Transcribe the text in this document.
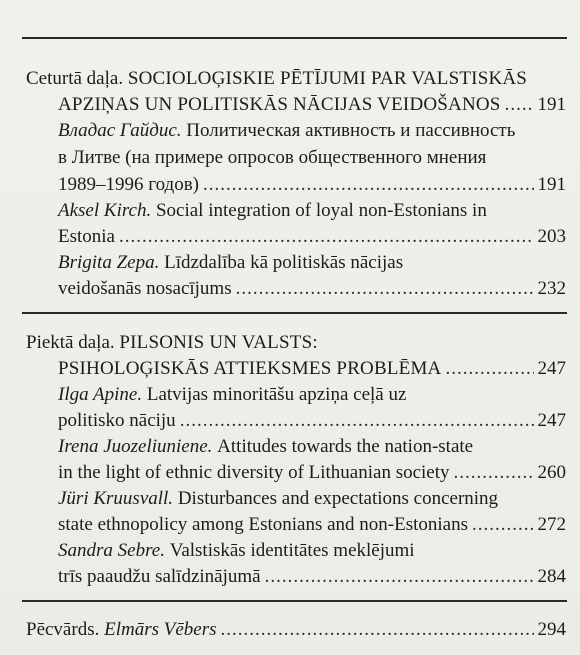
Ceturtā daļa.
SOCIOLOĢISKIE PĒTĪJUMI PAR VALSTISKĀS
APZIŅAS UN POLITISKĀS NĀCIJAS VEIDOŠANOS ..... 191
Владас Гайдис.
Политическая активность и пассивность
в Литве (на примере опросов общественного мнения
1989–1996 годов) .....	191
Aksel Kirch.
Social integration of loyal non-Estonians in
Estonia .....	203
Brigita Zepa.
Līdzdalība kā politiskās nācijas
veidošanās nosacījums .....	232
Piektā daļa.
PILSONIS UN VALSTS:
PSIHOLOĢISKĀS ATTIEKSMES PROBLĒMA .....	247
Ilga Apine.
Latvijas minoritāšu apziņa ceļā uz
politisko nāciju .....	247
Irena Juozeliuniene.
Attitudes towards the nation-state
in the light of ethnic diversity of Lithuanian society .....	260
Jüri Kruusvall.
Disturbances and expectations concerning
state ethnopolicy among Estonians and non-Estonians .....	272
Sandra Sebre.
Valstiskās identitātes meklējumi
trīs paaudžu salīdzinājumā .....	284
Pēcvārds.
Elmārs Vēbers .....	294
